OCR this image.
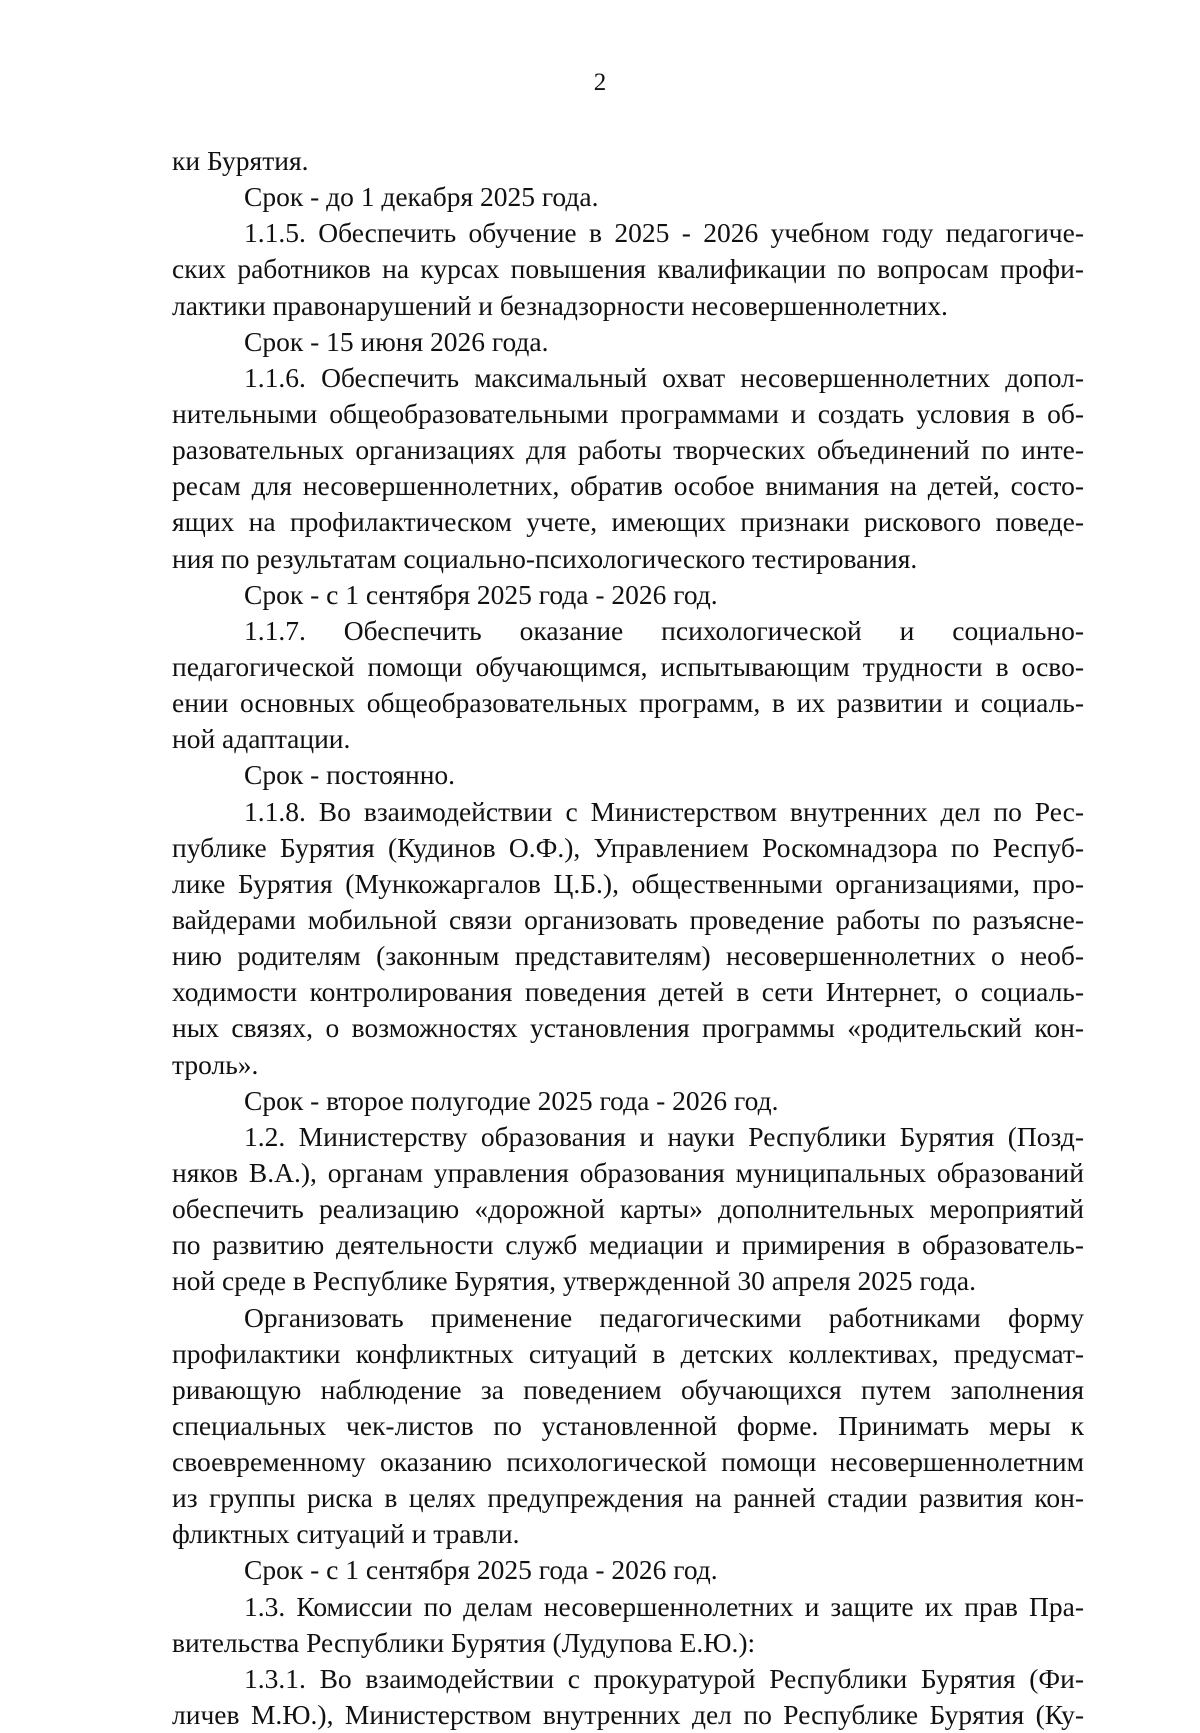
2
ки Бурятия.
Срок - до 1 декабря 2025 года.
1.1.5. Обеспечить обучение в 2025 - 2026 учебном году педагогиче-
ских работников на курсах повышения квалификации по вопросам профи-
лактики правонарушений и безнадзорности несовершеннолетних.
Срок - 15 июня 2026 года.
1.1.6. Обеспечить максимальный охват несовершеннолетних допол-
нительными общеобразовательными программами и создать условия в об-
разовательных организациях для работы творческих объединений по инте-
ресам для несовершеннолетних, обратив особое внимания на детей, состо-
ящих на профилактическом учете, имеющих признаки рискового поведе-
ния по результатам социально-психологического тестирования.
Срок - с 1 сентября 2025 года - 2026 год.
1.1.7. Обеспечить оказание психологической и социально-
педагогической помощи обучающимся, испытывающим трудности в осво-
ении основных общеобразовательных программ, в их развитии и социаль-
ной адаптации.
Срок - постоянно.
1.1.8. Во взаимодействии с Министерством внутренних дел по Рес-
публике Бурятия (Кудинов О.Ф.), Управлением Роскомнадзора по Респуб-
лике Бурятия (Мункожаргалов Ц.Б.), общественными организациями, про-
вайдерами мобильной связи организовать проведение работы по разъясне-
нию родителям (законным представителям) несовершеннолетних о необ-
ходимости контролирования поведения детей в сети Интернет, о социаль-
ных связях, о возможностях установления программы «родительский кон-
троль».
Срок - второе полугодие 2025 года - 2026 год.
1.2. Министерству образования и науки Республики Бурятия (Позд-
няков В.А.), органам управления образования муниципальных образований
обеспечить реализацию «дорожной карты» дополнительных мероприятий
по развитию деятельности служб медиации и примирения в образователь-
ной среде в Республике Бурятия, утвержденной 30 апреля 2025 года.
Организовать применение педагогическими работниками форму
профилактики конфликтных ситуаций в детских коллективах, предусмат-
ривающую наблюдение за поведением обучающихся путем заполнения
специальных чек-листов по установленной форме. Принимать меры к
своевременному оказанию психологической помощи несовершеннолетним
из группы риска в целях предупреждения на ранней стадии развития кон-
фликтных ситуаций и травли.
Срок - с 1 сентября 2025 года - 2026 год.
1.3. Комиссии по делам несовершеннолетних и защите их прав Пра-
вительства Республики Бурятия (Лудупова Е.Ю.):
1.3.1. Во взаимодействии с прокуратурой Республики Бурятия (Фи-
личев М.Ю.), Министерством внутренних дел по Республике Бурятия (Ку-
